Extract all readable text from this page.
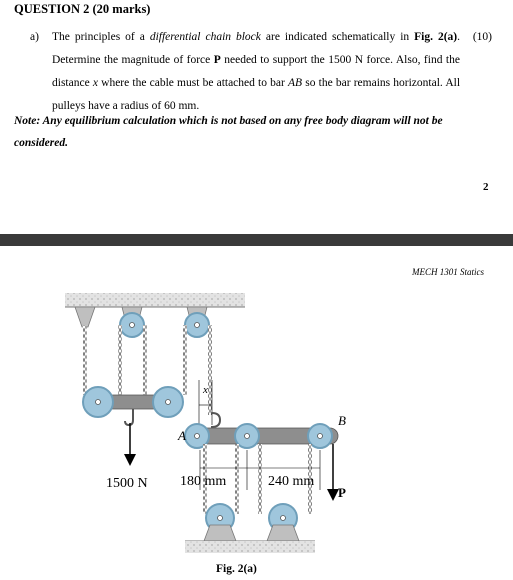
QUESTION 2 (20 marks)
a)	(10)
The principles of a differential chain block are indicated schematically in Fig. 2(a). Determine the magnitude of force P needed to support the 1500 N force. Also, find the distance x where the cable must be attached to bar AB so the bar remains horizontal. All pulleys have a radius of 60 mm.
Note: Any equilibrium calculation which is not based on any free body diagram will not be considered.
2
MECH 1301 Statics
1500 N
x
A
B
P
180 mm	240 mm
Fig. 2(a)
